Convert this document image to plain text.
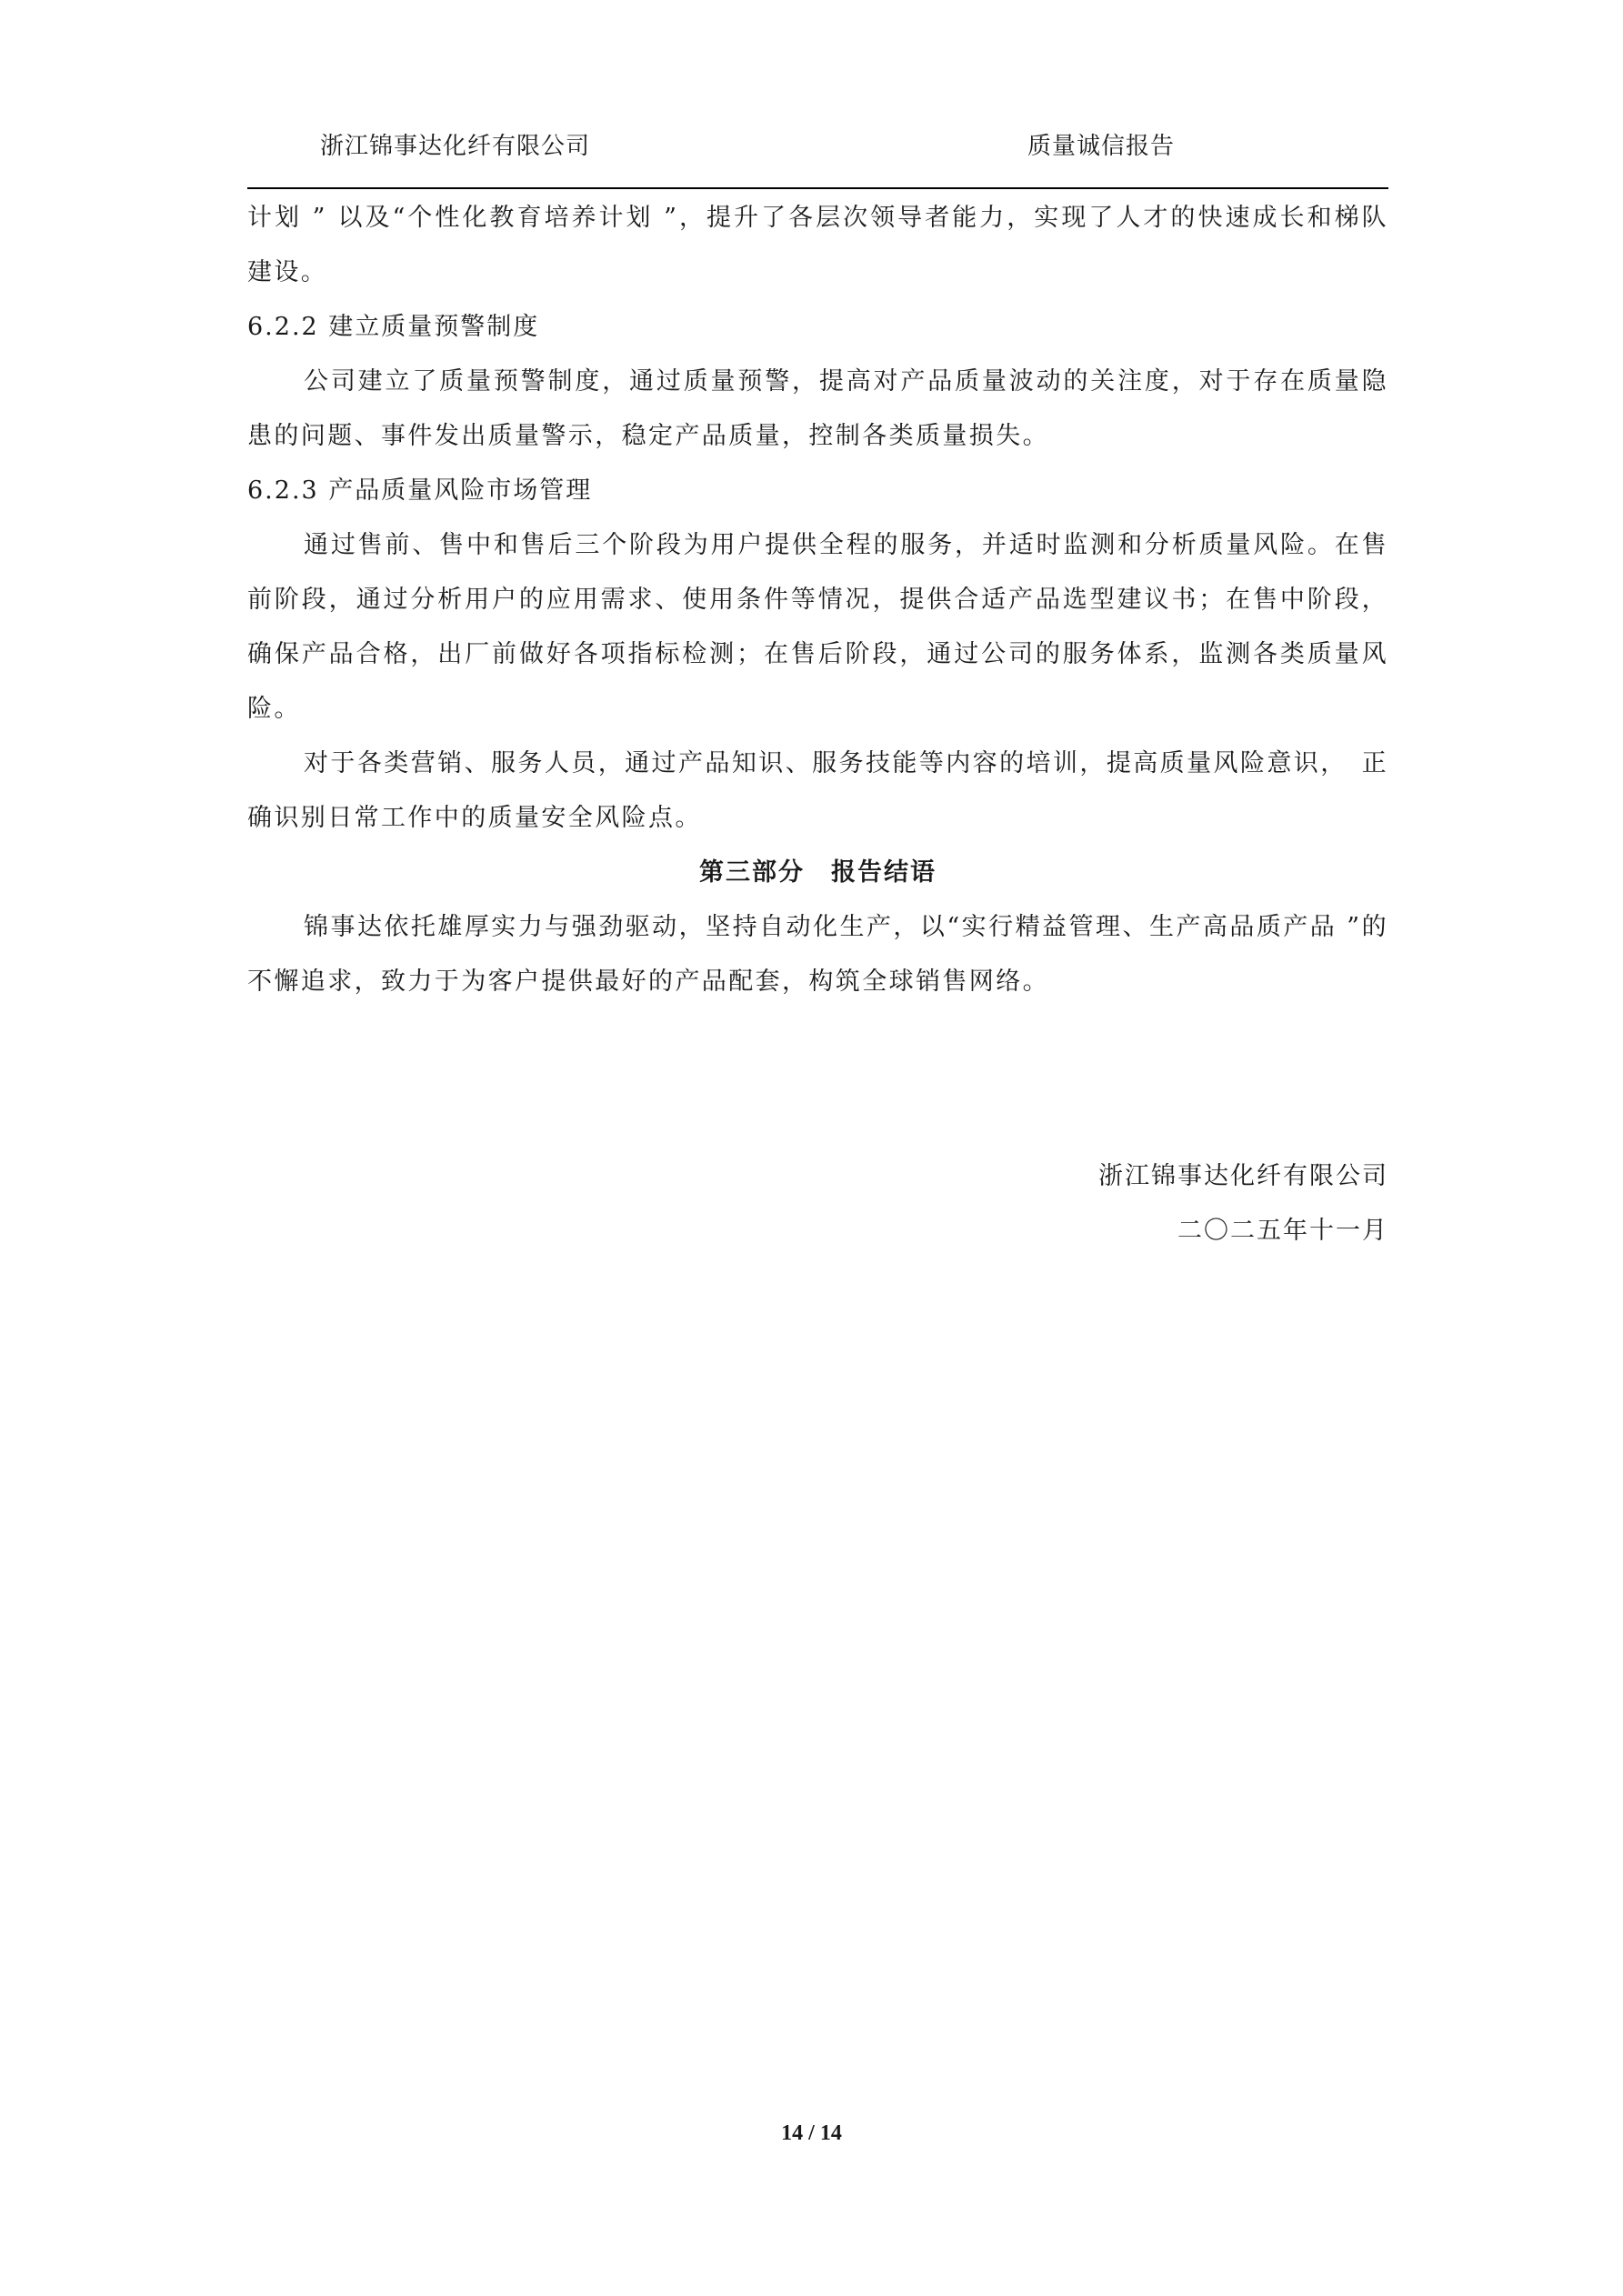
浙江锦事达化纤有限公司	质量诚信报告

计划 ” 以及“个性化教育培养计划 ”，提升了各层次领导者能力，实现了人才的快速成长和梯队建设。

6.2.2 建立质量预警制度

公司建立了质量预警制度，通过质量预警，提高对产品质量波动的关注度，对于存在质量隐患的问题、事件发出质量警示，稳定产品质量，控制各类质量损失。

6.2.3 产品质量风险市场管理

通过售前、售中和售后三个阶段为用户提供全程的服务，并适时监测和分析质量风险。在售前阶段，通过分析用户的应用需求、使用条件等情况，提供合适产品选型建议书；在售中阶段，确保产品合格，出厂前做好各项指标检测；在售后阶段，通过公司的服务体系，监测各类质量风险。

对于各类营销、服务人员，通过产品知识、服务技能等内容的培训，提高质量风险意识，　正确识别日常工作中的质量安全风险点。

第三部分　报告结语

锦事达依托雄厚实力与强劲驱动，坚持自动化生产，以“实行精益管理、生产高品质产品 ”的不懈追求，致力于为客户提供最好的产品配套，构筑全球销售网络。

浙江锦事达化纤有限公司
二〇二五年十一月
14 / 14
